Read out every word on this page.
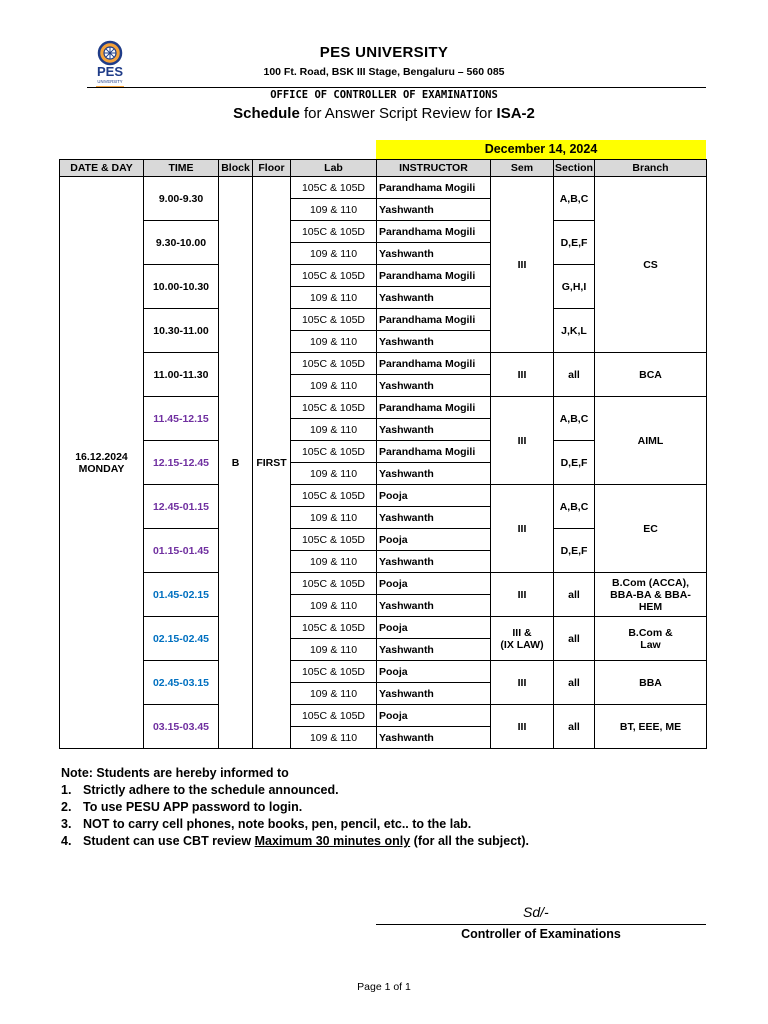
PES
UNIVERSITY
PES UNIVERSITY
100 Ft. Road, BSK III Stage, Bengaluru – 560 085
OFFICE OF CONTROLLER OF EXAMINATIONS
Schedule for Answer Script Review for ISA-2
December 14, 2024
DATE & DAY	TIME	Block	Floor	Lab	INSTRUCTOR	Sem	Section	Branch
16.12.2024
MONDAY	9.00-9.30	B	FIRST	105C & 105D	Parandhama Mogili	III	A,B,C	CS
				109 & 110	Yashwanth			
	9.30-10.00			105C & 105D	Parandhama Mogili		D,E,F	
				109 & 110	Yashwanth			
	10.00-10.30			105C & 105D	Parandhama Mogili		G,H,I	
				109 & 110	Yashwanth			
	10.30-11.00			105C & 105D	Parandhama Mogili		J,K,L	
				109 & 110	Yashwanth			
	11.00-11.30			105C & 105D	Parandhama Mogili	III	all	BCA
				109 & 110	Yashwanth			
	11.45-12.15			105C & 105D	Parandhama Mogili	III	A,B,C	AIML
				109 & 110	Yashwanth			
	12.15-12.45			105C & 105D	Parandhama Mogili		D,E,F	
				109 & 110	Yashwanth			
	12.45-01.15			105C & 105D	Pooja	III	A,B,C	EC
				109 & 110	Yashwanth			
	01.15-01.45			105C & 105D	Pooja		D,E,F	
				109 & 110	Yashwanth			
	01.45-02.15			105C & 105D	Pooja	III	all	B.Com (ACCA),
BBA-BA & BBA-
HEM
				109 & 110	Yashwanth			
	02.15-02.45			105C & 105D	Pooja	III &
(IX LAW)	all	B.Com &
Law
				109 & 110	Yashwanth			
	02.45-03.15			105C & 105D	Pooja	III	all	BBA
				109 & 110	Yashwanth			
	03.15-03.45			105C & 105D	Pooja	III	all	BT, EEE, ME
				109 & 110	Yashwanth			
Note: Students are hereby informed to
1. Strictly adhere to the schedule announced.
2. To use PESU APP password to login.
3. NOT to carry cell phones, note books, pen, pencil, etc.. to the lab.
4. Student can use CBT review Maximum 30 minutes only (for all the subject).
Sd/-
Controller of Examinations
Page 1 of 1
